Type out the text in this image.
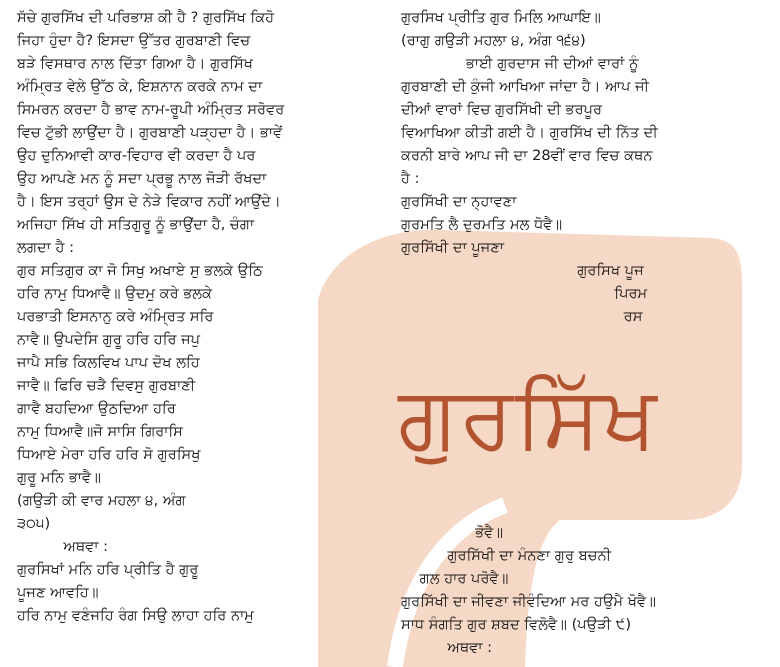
ਗੁਰਸਿੱਖ
ਸੱਚੇ ਗੁਰਸਿੱਖ ਦੀ ਪਰਿਭਾਸ਼ ਕੀ ਹੈ ? ਗੁਰਸਿੱਖ ਕਿਹੋ
ਜਿਹਾ ਹੁੰਦਾ ਹੈ? ਇਸਦਾ ਉੱਤਰ ਗੁਰਬਾਣੀ ਵਿਚ
ਬੜੇ ਵਿਸਥਾਰ ਨਾਲ ਦਿੱਤਾ ਗਿਆ ਹੈ। ਗੁਰਸਿੱਖ
ਅੰਮ੍ਰਿਤ ਵੇਲੇ ਉੱਠ ਕੇ, ਇਸ਼ਨਾਨ ਕਰਕੇ ਨਾਮ ਦਾ
ਸਿਮਰਨ ਕਰਦਾ ਹੈ ਭਾਵ ਨਾਮ-ਰੂਪੀ ਅੰਮ੍ਰਿਤ ਸਰੋਵਰ
ਵਿਚ ਟੁੱਭੀ ਲਾਉਂਦਾ ਹੈ। ਗੁਰਬਾਣੀ ਪੜ੍ਹਦਾ ਹੈ। ਭਾਵੇਂ
ਉਹ ਦੁਨਿਆਵੀ ਕਾਰ-ਵਿਹਾਰ ਵੀ ਕਰਦਾ ਹੈ ਪਰ
ਉਹ ਆਪਣੇ ਮਨ ਨੂੰ ਸਦਾ ਪ੍ਰਭੂ ਨਾਲ ਜੋੜੀ ਰੱਖਦਾ
ਹੈ। ਇਸ ਤਰ੍ਹਾਂ ਉਸ ਦੇ ਨੇੜੇ ਵਿਕਾਰ ਨਹੀਂ ਆਉਂਦੇ।
ਅਜਿਹਾ ਸਿੱਖ ਹੀ ਸਤਿਗੁਰੂ ਨੂੰ ਭਾਉਂਦਾ ਹੈ, ਚੰਗਾ
ਲਗਦਾ ਹੈ :
ਗੁਰ ਸਤਿਗੁਰ ਕਾ ਜੋ ਸਿਖੁ ਅਖਾਏ ਸੁ ਭਲਕੇ ਉਠਿ
ਹਰਿ ਨਾਮੁ ਧਿਆਵੈ॥ ਉਦਮੁ ਕਰੇ ਭਲਕੇ
ਪਰਭਾਤੀ ਇਸਨਾਨੁ ਕਰੇ ਅੰਮ੍ਰਿਤ ਸਰਿ
ਨਾਵੈ॥ ਉਪਦੇਸਿ ਗੁਰੂ ਹਰਿ ਹਰਿ ਜਪੁ
ਜਾਪੈ ਸਭਿ ਕਿਲਵਿਖ ਪਾਪ ਦੋਖ ਲਹਿ
ਜਾਵੈ॥ ਫਿਰਿ ਚੜੈ ਦਿਵਸੁ ਗੁਰਬਾਣੀ
ਗਾਵੈ ਬਹਦਿਆ ਉਠਦਿਆ ਹਰਿ
ਨਾਮੁ ਧਿਆਵੈ॥ਜੋ ਸਾਸਿ ਗਿਰਾਸਿ
ਧਿਆਏ ਮੇਰਾ ਹਰਿ ਹਰਿ ਸੋ ਗੁਰਸਿਖੁ
ਗੁਰੂ ਮਨਿ ਭਾਵੈ॥
(ਗਉੜੀ ਕੀ ਵਾਰ ਮਹਲਾ ੪, ਅੰਗ
੩੦੫)
ਅਥਵਾ :
ਗੁਰਸਿਖਾਂ ਮਨਿ ਹਰਿ ਪ੍ਰੀਤਿ ਹੈ ਗੁਰੂ
ਪੂਜਣ ਆਵਹਿ॥
ਹਰਿ ਨਾਮੁ ਵਣੰਜਹਿ ਰੰਗ ਸਿਉ ਲਾਹਾ ਹਰਿ ਨਾਮੁ
ਗੁਰਸਿਖ ਪ੍ਰੀਤਿ ਗੁਰ ਮਿਲਿ ਆਘਾਇ॥
(ਰਾਗੁ ਗਉੜੀ ਮਹਲਾ ੪, ਅੰਗ ੧੬੪)
ਭਾਈ ਗੁਰਦਾਸ ਜੀ ਦੀਆਂ ਵਾਰਾਂ ਨੂੰ
ਗੁਰਬਾਣੀ ਦੀ ਕੁੰਜੀ ਆਖਿਆ ਜਾਂਦਾ ਹੈ। ਆਪ ਜੀ
ਦੀਆਂ ਵਾਰਾਂ ਵਿਚ ਗੁਰਸਿੱਖੀ ਦੀ ਭਰਪੂਰ
ਵਿਆਖਿਆ ਕੀਤੀ ਗਈ ਹੈ। ਗੁਰਸਿੱਖ ਦੀ ਨਿੱਤ ਦੀ
ਕਰਨੀ ਬਾਰੇ ਆਪ ਜੀ ਦਾ 28ਵੀਂ ਵਾਰ ਵਿਚ ਕਥਨ
ਹੈ :
ਗੁਰਸਿੱਖੀ ਦਾ ਨ੍ਹਾਵਣਾ
ਗੁਰਮਤਿ ਲੈ ਦੁਰਮਤਿ ਮਲ ਧੋਵੈ॥
ਗੁਰਸਿੱਖੀ ਦਾ ਪੂਜਣਾ
ਗੁਰਸਿਖ ਪੂਜ
ਪਿਰਮ
ਰਸ
ਭੋਵੈ॥
ਗੁਰਸਿੱਖੀ ਦਾ ਮੰਨਣਾ ਗੁਰੁ ਬਚਨੀ
ਗਲ ਹਾਰ ਪਰੋਵੈ॥
ਗੁਰਸਿੱਖੀ ਦਾ ਜੀਵਣਾ ਜੀਵੰਦਿਆ ਮਰ ਹਉਮੈ ਖੋਵੈ॥
ਸਾਧ ਸੰਗਤਿ ਗੁਰ ਸ਼ਬਦ ਵਿਲੋਵੈ॥ (ਪਉੜੀ ੯)
ਅਥਵਾ :
